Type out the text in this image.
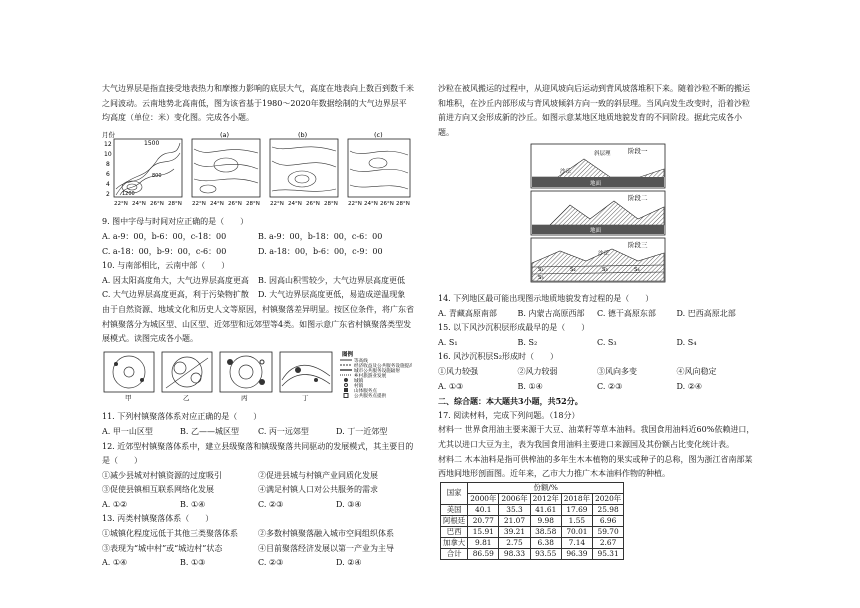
大气边界层是指直接受地表热力和摩擦力影响的底层大气，高度在地表向上数百到数千米之间波动。云南地势北高南低，图为该省基于1980～2020年数据绘制的大气边界层平均高度（单位：米）变化图。完成各小题。

月份
12
10
8
6
4
2
1500
1200
800
(a)	(b)	(c)
22°N 24°N 26°N 28°N 22°N 24°N 26°N 28°N 22°N 24°N 26°N 28°N 22°N 24°N 26°N 28°N

9. 图中字母与时间对应正确的是（　　）

A. a-9：00，b-6：00，c-18：00	B. a-9：00，b-18：00，c-6：00
C. a-18：00，b-9：00，c-6：00	D. a-18：00，b-6：00，c-9：00

10. 与南部相比，云南中部（　　）

A. 因太阳高度角大，大气边界层高度更高	B. 因高山积雪较少，大气边界层高度更低
C. 大气边界层高度更高，利于污染物扩散	D. 大气边界层高度更低，易造成逆温现象

由于自然资源、地域文化和历史人文等原因，村镇聚落差异明显。按区位条件，将广东省村镇聚落分为城区型、山区型、近郊型和远郊型等4类。如图示意广东省村镇聚落类型发展模式。读图完成各小题。

甲	乙	丙	丁
图例
等高线
经济收益及公共服务设施提高
城市公共服务设施辐射
乡村旅游业发展
城镇
村镇
山体服务点
公共服务点提供

11. 下列村镇聚落体系对应正确的是（　　）

A. 甲一山区型	B. 乙——城区型	C. 丙一远郊型	D. 丁一近郊型

12. 近郊型村镇聚落体系中，建立县级聚落和镇级聚落共同驱动的发展模式，其主要目的是（　　）

①减少县城对村镇资源的过度吸引	②促进县城与村镇产业同质化发展
③促使县镇相互联系网络化发展	④满足村镇人口对公共服务的需求
A. ①②	B. ①④	C. ②③	D. ③④

13. 丙类村镇聚落体系（　　）

①城镇化程度远低于其他三类聚落体系	②多数村镇聚落融入城市空间组织体系
③表现为“城中村”或“城边村”状态	④目前聚落经济发展以第一产业为主导
A. ①④	B. ①③	C. ②③	D. ②④

沙粒在被风搬运的过程中，从迎风坡向后运动到背风坡落堆积下来。随着沙粒不断的搬运和堆积，在沙丘内部形成与背风坡倾斜方向一致的斜层理。当风向发生改变时，沿着沙粒前进方向又会形成新的沙丘。如图示意某地区地质地貌发育的不同阶段。据此完成各小题。

阶段一
地面
斜层理
沙丘
阶段二
地面
阶段三
沙丘
S₁	S₂	S₃	S₄
S₅

14. 下列地区最可能出现图示地质地貌发育过程的是（　　）

A. 青藏高原南部	B. 内蒙古高原西部	C. 德干高原东部	D. 巴西高原北部

15. 以下风沙沉积层形成最早的是（　　）

A. S₁	B. S₂	C. S₃	D. S₄

16. 风沙沉积层S₂形成时（　　）

①风力较强	②风力较弱	③风向多变	④风向稳定
A. ①③	B. ①④	C. ②③	D. ②④

二、综合题：本大题共3小题，共52分。

17. 阅读材料，完成下列问题。（18分）

材料一 世界食用油主要来源于大豆、油菜籽等草本油料。我国食用油料近60%依赖进口，尤其以进口大豆为主，表为我国食用油料主要进口来源国及其份额占比变化统计表。

材料二 木本油料是指可供榨油的多年生木本植物的果实或种子的总称，图为浙江省南部某西地间地形剖面图。近年来，乙市大力推广木本油料作物的种植。

国家	份额/%				
	2000年	2006年	2012年	2018年	2020年
美国	40.1	35.3	41.61	17.69	25.98
阿根廷	20.77	21.07	9.98	1.55	6.96
巴西	15.91	39.21	38.58	70.01	59.70
加拿大	9.81	2.75	6.38	7.14	2.67
合计	86.59	98.33	93.55	96.39	95.31
